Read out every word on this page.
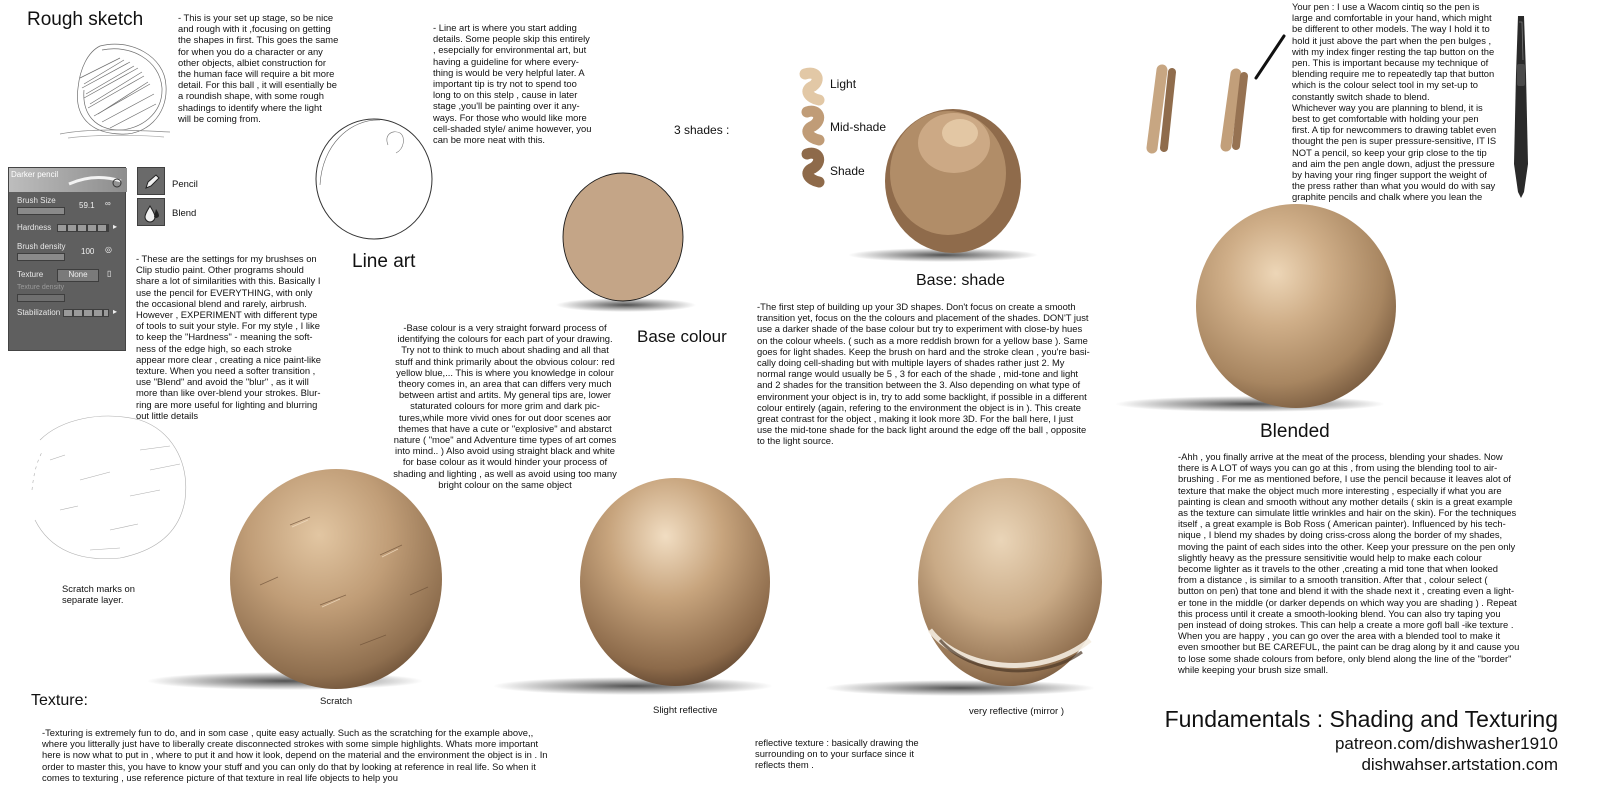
Rough sketch	- This is your set up stage, so be nice
and rough with it ,focusing on getting
the shapes in first. This goes the same
for when you do a character or any
other objects, albiet construction for
the human face will require a bit more
detail. For this ball , it will esentially be
a roundish shape, with some rough
shadings to identify where the light
will be coming from.
- Line art is where you start adding
details. Some people skip this entirely
, esepcially for environmental art, but
having a guideline for where every-
thing is would be very helpful later. A
important tip is try not to spend too
long to on this stelp , cause in later
stage ,you'll be painting over it any-
ways. For those who would like more
cell-shaded style/ anime however, you
can be more neat with this.
Line art
Darker pencil
Brush Size
59.1 ∞
Hardness	▸
Brush density
100 ◎
Texture	None	▯
Texture density
Stabilization	▸
Pencil
Blend
- These are the settings for my brushses on
Clip studio paint. Other programs should
share a lot of similarities with this. Basically I
use the pencil for EVERYTHING, with only
the occasional blend and rarely, airbrush.
However , EXPERIMENT with different type
of tools to suit your style. For my style , I like
to keep the "Hardness" - meaning the soft-
ness of the edge high, so each stroke
appear more clear , creating a nice paint-like
texture. When you need a softer transition ,
use "Blend" and avoid the "blur" , as it will
more than like over-blend your strokes. Blur-
ring are more useful for lighting and blurring
out little details
Scratch marks on
separate layer.
3 shades :
Base colour
-Base colour is a very straight forward process of
identifying the colours for each part of your drawing.
Try not to think to much about shading and all that
stuff and think primarily about the obvious colour: red
yellow blue,... This is where you knowledge in colour
theory comes in, an area that can differs very much
between artist and artits. My general tips are, lower
staturated colours for more grim and dark pic-
tures,while more vivid ones for out door scenes aor
themes that have a cute or "explosive" and abstarct
nature ( "moe" and Adventure time types of art comes
into mind.. ) Also avoid using straight black and white
for base colour as it would hinder your process of
shading and lighting , as well as avoid using too many
bright colour on the same object
Light
Mid-shade
Shade
Base: shade
-The first step of building up your 3D shapes. Don't focus on create a smooth
transition yet, focus on the the colours and placement of the shades. DON'T just
use a darker shade of the base colour but try to experiment with close-by hues
on the colour wheels. ( such as a more reddish brown for a yellow base ). Same
goes for light shades. Keep the brush on hard and the stroke clean , you're basi-
cally doing cell-shading but with multiple layers of shades rather just 2. My
normal range would usually be 5 , 3 for each of the shade , mid-tone and light
and 2 shades for the transition between the 3. Also depending on what type of
environment your object is in, try to add some backlight, if possible in a different
colour entirely (again, refering to the environment the object is in ). This create
great contrast for the object , making it look more 3D. For the ball here, I just
use the mid-tone shade for the back light around the edge off the ball , opposite
to the light source.
Your pen : I use a Wacom cintiq so the pen is
large and comfortable in your hand, which might
be different to other models. The way I hold it to
hold it just above the part when the pen bulges ,
with my index finger resting the tap button on the
pen. This is important because my technique of
blending require me to repeatedly tap that button
which is the colour select tool in my set-up to
constantly switch shade to blend.
Whichever way you are planning to blend, it is
best to get comfortable with holding your pen
first. A tip for newcommers to drawing tablet even
thought the pen is super pressure-sensitive, IT IS
NOT a pencil, so keep your grip close to the tip
and aim the pen angle down, adjust the pressure
by having your ring finger support the weight of
the press rather than what you would do with say
graphite pencils and chalk where you lean the
Blended
-Ahh , you finally arrive at the meat of the process, blending your shades. Now
there is A LOT of ways you can go at this , from using the blending tool to air-
brushing . For me as mentioned before, I use the pencil because it leaves alot of
texture that make the object much more interesting , especially if what you are
painting is clean and smooth without any mother details ( skin is a great example
as the texture can simulate little wrinkles and hair on the skin). For the techniques
itself , a great example is Bob Ross ( American painter). Influenced by his tech-
nique , I blend my shades by doing criss-cross along the border of my shades,
moving the paint of each sides into the other. Keep your pressure on the pen only
slightly heavy as the pressure sensitivitie would help to make each colour
become lighter as it travels to the other ,creating a mid tone that when looked
from a distance , is similar to a smooth transition. After that , colour select (
button on pen) that tone and blend it with the shade next it , creating even a light-
er tone in the middle (or darker depends on which way you are shading ) . Repeat
this process until it create a smooth-looking blend. You can also try taping you
pen instead of doing strokes. This can help a create a more gofl ball -ike texture .
When you are happy , you can go over the area with a blended tool to make it
even smoother but BE CAREFUL, the paint can be drag along by it and cause you
to lose some shade colours from before, only blend along the line of the "border"
while keeping your brush size small.
Scratch
Slight reflective	very reflective (mirror )
Texture:
-Texturing is extremely fun to do, and in som case , quite easy actually. Such as the scratching for the example above,,
where you litterally just have to liberally create disconnected strokes with some simple highlights. Whats more important
here is now what to put in , where to put it and how it look, depend on the material and the environment the object is in . In
order to master this, you have to know your stuff and you can only do that by looking at reference in real life. So when it
comes to texturing , use reference picture of that texture in real life objects to help you
reflective texture : basically drawing the
surrounding on to your surface since it
reflects them .
Fundamentals : Shading and Texturing
patreon.com/dishwasher1910
dishwahser.artstation.com
